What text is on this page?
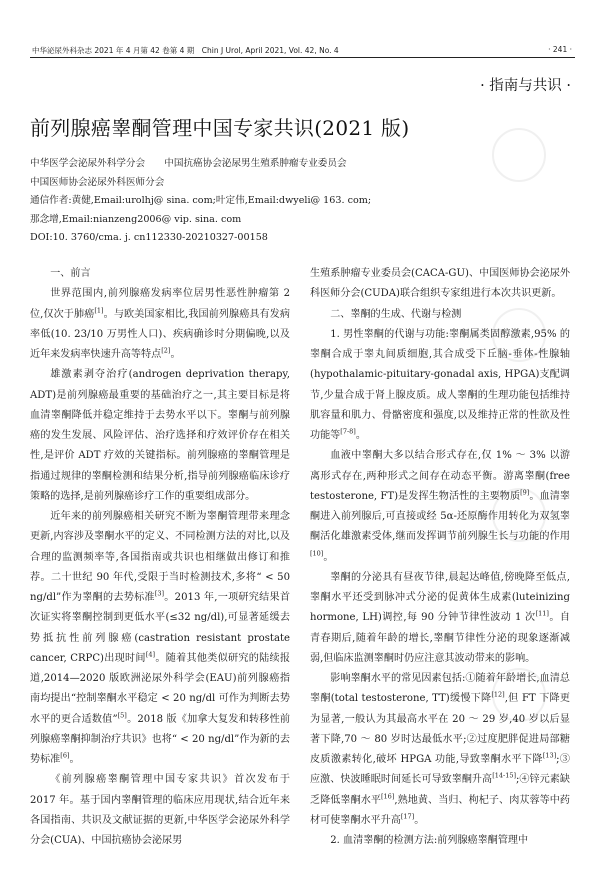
中华泌尿外科杂志 2021 年 4 月第 42 卷第 4 期　Chin J Urol, April 2021, Vol. 42, No. 4	· 241 ·
· 指南与共识 ·
前列腺癌睾酮管理中国专家共识(2021 版)
中华医学会泌尿外科学分会　　中国抗癌协会泌尿男生殖系肿瘤专业委员会
中国医师协会泌尿外科医师分会
通信作者:黄健,Email:urolhj@ sina. com;叶定伟,Email:dwyeli@ 163. com;
那念增,Email:nianzeng2006@ vip. sina. com
DOI:10. 3760/cma. j. cn112330-20210327-00158

一、前言

世界范围内,前列腺癌发病率位居男性恶性肿瘤第 2 位,仅次于肺癌[1]。与欧美国家相比,我国前列腺癌具有发病率低(10. 23/10 万男性人口)、疾病确诊时分期偏晚,以及近年来发病率快速升高等特点[2]。

雄激素剥夺治疗(androgen deprivation therapy, ADT)是前列腺癌最重要的基础治疗之一,其主要目标是将血清睾酮降低并稳定维持于去势水平以下。睾酮与前列腺癌的发生发展、风险评估、治疗选择和疗效评价存在相关性,是评价 ADT 疗效的关键指标。前列腺癌的睾酮管理是指通过规律的睾酮检测和结果分析,指导前列腺癌临床诊疗策略的选择,是前列腺癌诊疗工作的重要组成部分。

近年来的前列腺癌相关研究不断为睾酮管理带来理念更新,内容涉及睾酮水平的定义、不同检测方法的对比,以及合理的监测频率等,各国指南或共识也相继做出修订和推荐。二十世纪 90 年代,受限于当时检测技术,多将“ < 50 ng/dl”作为睾酮的去势标准[3]。2013 年,一项研究结果首次证实将睾酮控制到更低水平(≤32 ng/dl),可显著延缓去势抵抗性前列腺癌(castration resistant prostate cancer, CRPC)出现时间[4]。随着其他类似研究的陆续报道,2014—2020 版欧洲泌尿外科学会(EAU)前列腺癌指南均提出“控制睾酮水平稳定 < 20 ng/dl 可作为判断去势水平的更合适数值”[5]。2018 版《加拿大复发和转移性前列腺癌睾酮抑制治疗共识》也将“ < 20 ng/dl”作为新的去势标准[6]。

《前列腺癌睾酮管理中国专家共识》首次发布于 2017 年。基于国内睾酮管理的临床应用现状,结合近年来各国指南、共识及文献证据的更新,中华医学会泌尿外科学分会(CUA)、中国抗癌协会泌尿男

生殖系肿瘤专业委员会(CACA-GU)、中国医师协会泌尿外科医师分会(CUDA)联合组织专家组进行本次共识更新。

二、睾酮的生成、代谢与检测

1. 男性睾酮的代谢与功能:睾酮属类固醇激素,95% 的睾酮合成于睾丸间质细胞,其合成受下丘脑-垂体-性腺轴(hypothalamic-pituitary-gonadal axis, HPGA)支配调节,少量合成于肾上腺皮质。成人睾酮的生理功能包括维持肌容量和肌力、骨骼密度和强度,以及维持正常的性欲及性功能等[7-8]。

血液中睾酮大多以结合形式存在,仅 1% ～ 3% 以游离形式存在,两种形式之间存在动态平衡。游离睾酮(free testosterone, FT)是发挥生物活性的主要物质[9]。血清睾酮进入前列腺后,可直接或经 5α-还原酶作用转化为双氢睾酮活化雄激素受体,继而发挥调节前列腺生长与功能的作用[10]。

睾酮的分泌具有昼夜节律,晨起达峰值,傍晚降至低点,睾酮水平还受到脉冲式分泌的促黄体生成素(luteinizing hormone, LH)调控,每 90 分钟节律性波动 1 次[11]。自青春期后,随着年龄的增长,睾酮节律性分泌的现象逐渐减弱,但临床监测睾酮时仍应注意其波动带来的影响。

影响睾酮水平的常见因素包括:①随着年龄增长,血清总睾酮(total testosterone, TT)缓慢下降[12],但 FT 下降更为显著,一般认为其最高水平在 20 ～ 29 岁,40 岁以后显著下降,70 ～ 80 岁时达最低水平;②过度肥胖促进局部糖皮质激素转化,破坏 HPGA 功能,导致睾酮水平下降[13];③应激、快波睡眠时间延长可导致睾酮升高[14-15];④锌元素缺乏降低睾酮水平[16],熟地黄、当归、枸杞子、肉苁蓉等中药材可使睾酮水平升高[17]。

2. 血清睾酮的检测方法:前列腺癌睾酮管理中
